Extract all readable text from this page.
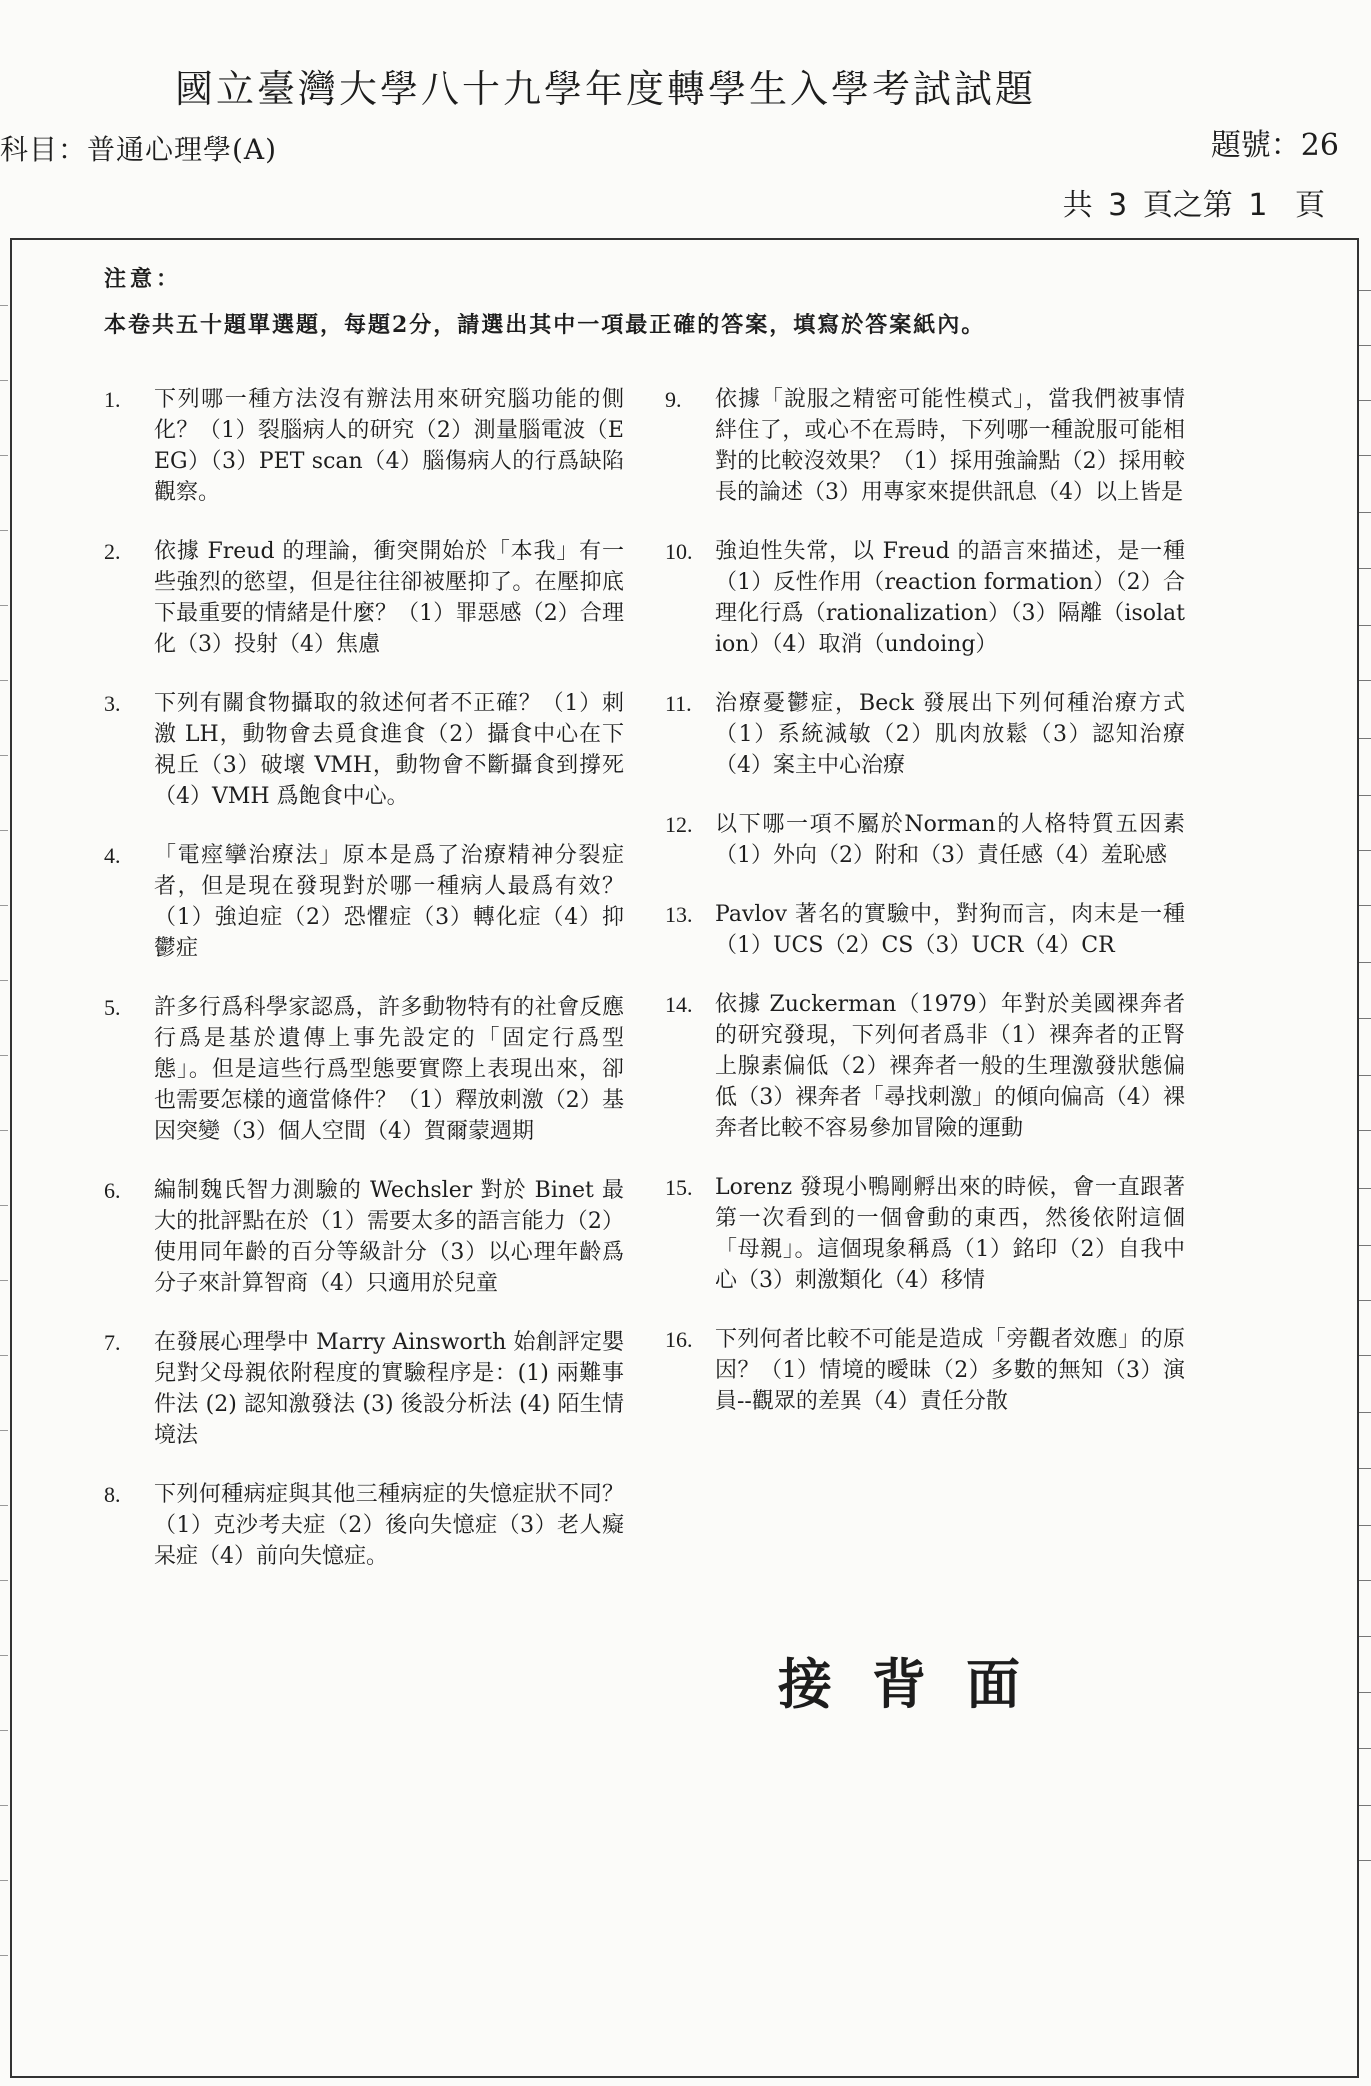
國立臺灣大學八十九學年度轉學生入學考試試題
科目：普通心理學(A)	題號：26
共 3 頁之第 1 頁
注意：
本卷共五十題單選題，每題2分，請選出其中一項最正確的答案，填寫於答案紙內。
1. 下列哪一種方法沒有辦法用來研究腦功能的側化？（1）裂腦病人的研究（2）測量腦電波（EEG）（3）PET scan（4）腦傷病人的行爲缺陷觀察。
2. 依據 Freud 的理論，衝突開始於「本我」有一些強烈的慾望，但是往往卻被壓抑了。在壓抑底下最重要的情緒是什麼？（1）罪惡感（2）合理化（3）投射（4）焦慮
3. 下列有關食物攝取的敘述何者不正確？（1）刺激 LH，動物會去覓食進食（2）攝食中心在下視丘（3）破壞 VMH，動物會不斷攝食到撐死（4）VMH 爲飽食中心。
4. 「電痙攣治療法」原本是爲了治療精神分裂症者，但是現在發現對於哪一種病人最爲有效？（1）強迫症（2）恐懼症（3）轉化症（4）抑鬱症
5. 許多行爲科學家認爲，許多動物特有的社會反應行爲是基於遺傳上事先設定的「固定行爲型態」。但是這些行爲型態要實際上表現出來，卻也需要怎樣的適當條件？（1）釋放刺激（2）基因突變（3）個人空間（4）賀爾蒙週期
6. 編制魏氏智力測驗的 Wechsler 對於 Binet 最大的批評點在於（1）需要太多的語言能力（2）使用同年齡的百分等級計分（3）以心理年齡爲分子來計算智商（4）只適用於兒童
7. 在發展心理學中 Marry Ainsworth 始創評定嬰兒對父母親依附程度的實驗程序是：(1) 兩難事件法 (2) 認知激發法 (3) 後設分析法 (4) 陌生情境法
8. 下列何種病症與其他三種病症的失憶症狀不同？（1）克沙考夫症（2）後向失憶症（3）老人癡呆症（4）前向失憶症。
9. 依據「說服之精密可能性模式」，當我們被事情絆住了，或心不在焉時，下列哪一種說服可能相對的比較沒效果？（1）採用強論點（2）採用較長的論述（3）用專家來提供訊息（4）以上皆是
10. 強迫性失常，以 Freud 的語言來描述，是一種（1）反性作用（reaction formation）（2）合理化行爲（rationalization）（3）隔離（isolation）（4）取消（undoing）
11. 治療憂鬱症，Beck 發展出下列何種治療方式（1）系統減敏（2）肌肉放鬆（3）認知治療（4）案主中心治療
12. 以下哪一項不屬於Norman的人格特質五因素（1）外向（2）附和（3）責任感（4）羞恥感
13. Pavlov 著名的實驗中，對狗而言，肉末是一種（1）UCS（2）CS（3）UCR（4）CR
14. 依據 Zuckerman（1979）年對於美國裸奔者的研究發現，下列何者爲非（1）裸奔者的正腎上腺素偏低（2）裸奔者一般的生理激發狀態偏低（3）裸奔者「尋找刺激」的傾向偏高（4）裸奔者比較不容易參加冒險的運動
15. Lorenz 發現小鴨剛孵出來的時候，會一直跟著第一次看到的一個會動的東西，然後依附這個「母親」。這個現象稱爲（1）銘印（2）自我中心（3）刺激類化（4）移情
16. 下列何者比較不可能是造成「旁觀者效應」的原因？（1）情境的曖昧（2）多數的無知（3）演員--觀眾的差異（4）責任分散
接背面
